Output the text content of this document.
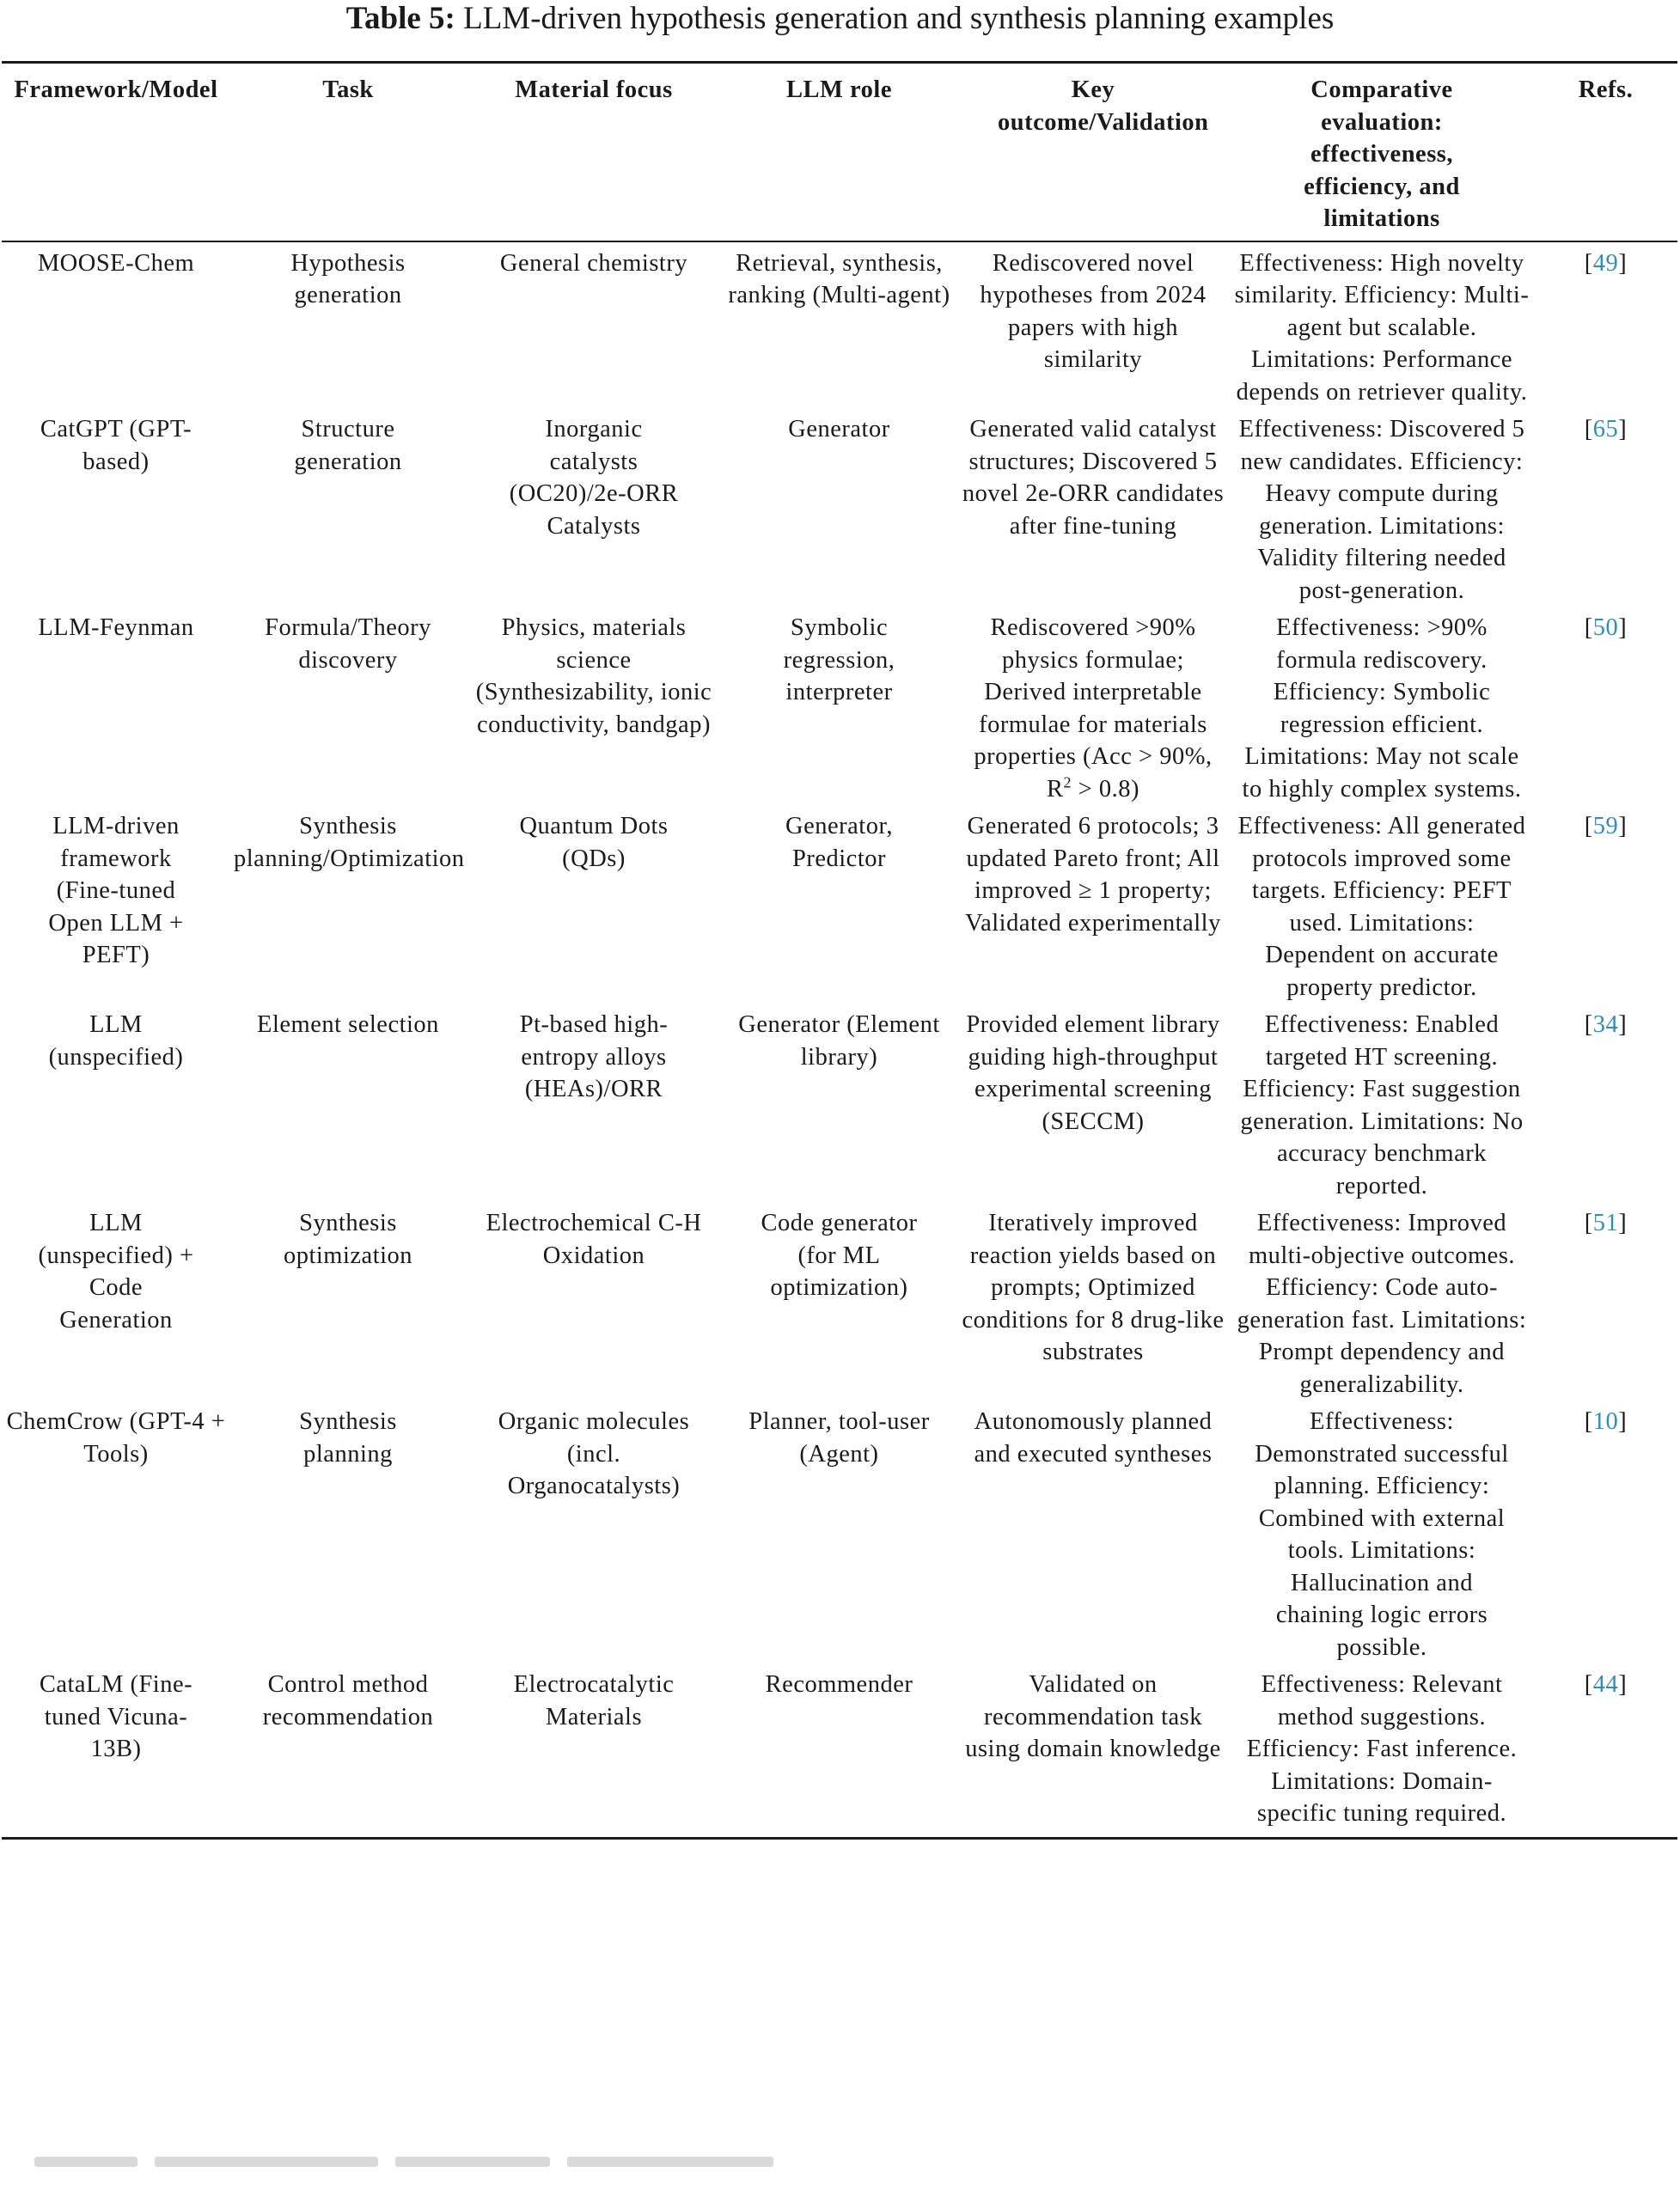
Table 5: LLM-driven hypothesis generation and synthesis planning examples
Framework/Model	Task	Material focus	LLM role	Key outcome/Validation	Comparative evaluation: effectiveness, efficiency, and limitations	Refs.
MOOSE-Chem	Hypothesis generation	General chemistry	Retrieval, synthesis, ranking (Multi-agent)	Rediscovered novel hypotheses from 2024 papers with high similarity	Effectiveness: High novelty similarity. Efficiency: Multi-agent but scalable. Limitations: Performance depends on retriever quality.	[49]
CatGPT (GPT-based)	Structure generation	Inorganic catalysts (OC20)/2e-ORR Catalysts	Generator	Generated valid catalyst structures; Discovered 5 novel 2e-ORR candidates after fine-tuning	Effectiveness: Discovered 5 new candidates. Efficiency: Heavy compute during generation. Limitations: Validity filtering needed post-generation.	[65]
LLM-Feynman	Formula/Theory discovery	Physics, materials science (Synthesizability, ionic conductivity, bandgap)	Symbolic regression, interpreter	Rediscovered >90% physics formulae; Derived interpretable formulae for materials properties (Acc > 90%, $R^2 > 0.8$)	Effectiveness: >90% formula rediscovery. Efficiency: Symbolic regression efficient. Limitations: May not scale to highly complex systems.	[50]
LLM-driven framework (Fine-tuned Open LLM + PEFT)	Synthesis planning/Optimization	Quantum Dots (QDs)	Generator, Predictor	Generated 6 protocols; 3 updated Pareto front; All improved ≥ 1 property; Validated experimentally	Effectiveness: All generated protocols improved some targets. Efficiency: PEFT used. Limitations: Dependent on accurate property predictor.	[59]
LLM (unspecified)	Element selection	Pt-based high-entropy alloys (HEAs)/ORR	Generator (Element library)	Provided element library guiding high-throughput experimental screening (SECCM)	Effectiveness: Enabled targeted HT screening. Efficiency: Fast suggestion generation. Limitations: No accuracy benchmark reported.	[34]
LLM (unspecified) + Code Generation	Synthesis optimization	Electrochemical C-H Oxidation	Code generator (for ML optimization)	Iteratively improved reaction yields based on prompts; Optimized conditions for 8 drug-like substrates	Effectiveness: Improved multi-objective outcomes. Efficiency: Code auto-generation fast. Limitations: Prompt dependency and generalizability.	[51]
ChemCrow (GPT-4 + Tools)	Synthesis planning	Organic molecules (incl. Organocatalysts)	Planner, tool-user (Agent)	Autonomously planned and executed syntheses	Effectiveness: Demonstrated successful planning. Efficiency: Combined with external tools. Limitations: Hallucination and chaining logic errors possible.	[10]
CataLM (Fine-tuned Vicuna-13B)	Control method recommendation	Electrocatalytic Materials	Recommender	Validated on recommendation task using domain knowledge	Effectiveness: Relevant method suggestions. Efficiency: Fast inference. Limitations: Domain-specific tuning required.	[44]
